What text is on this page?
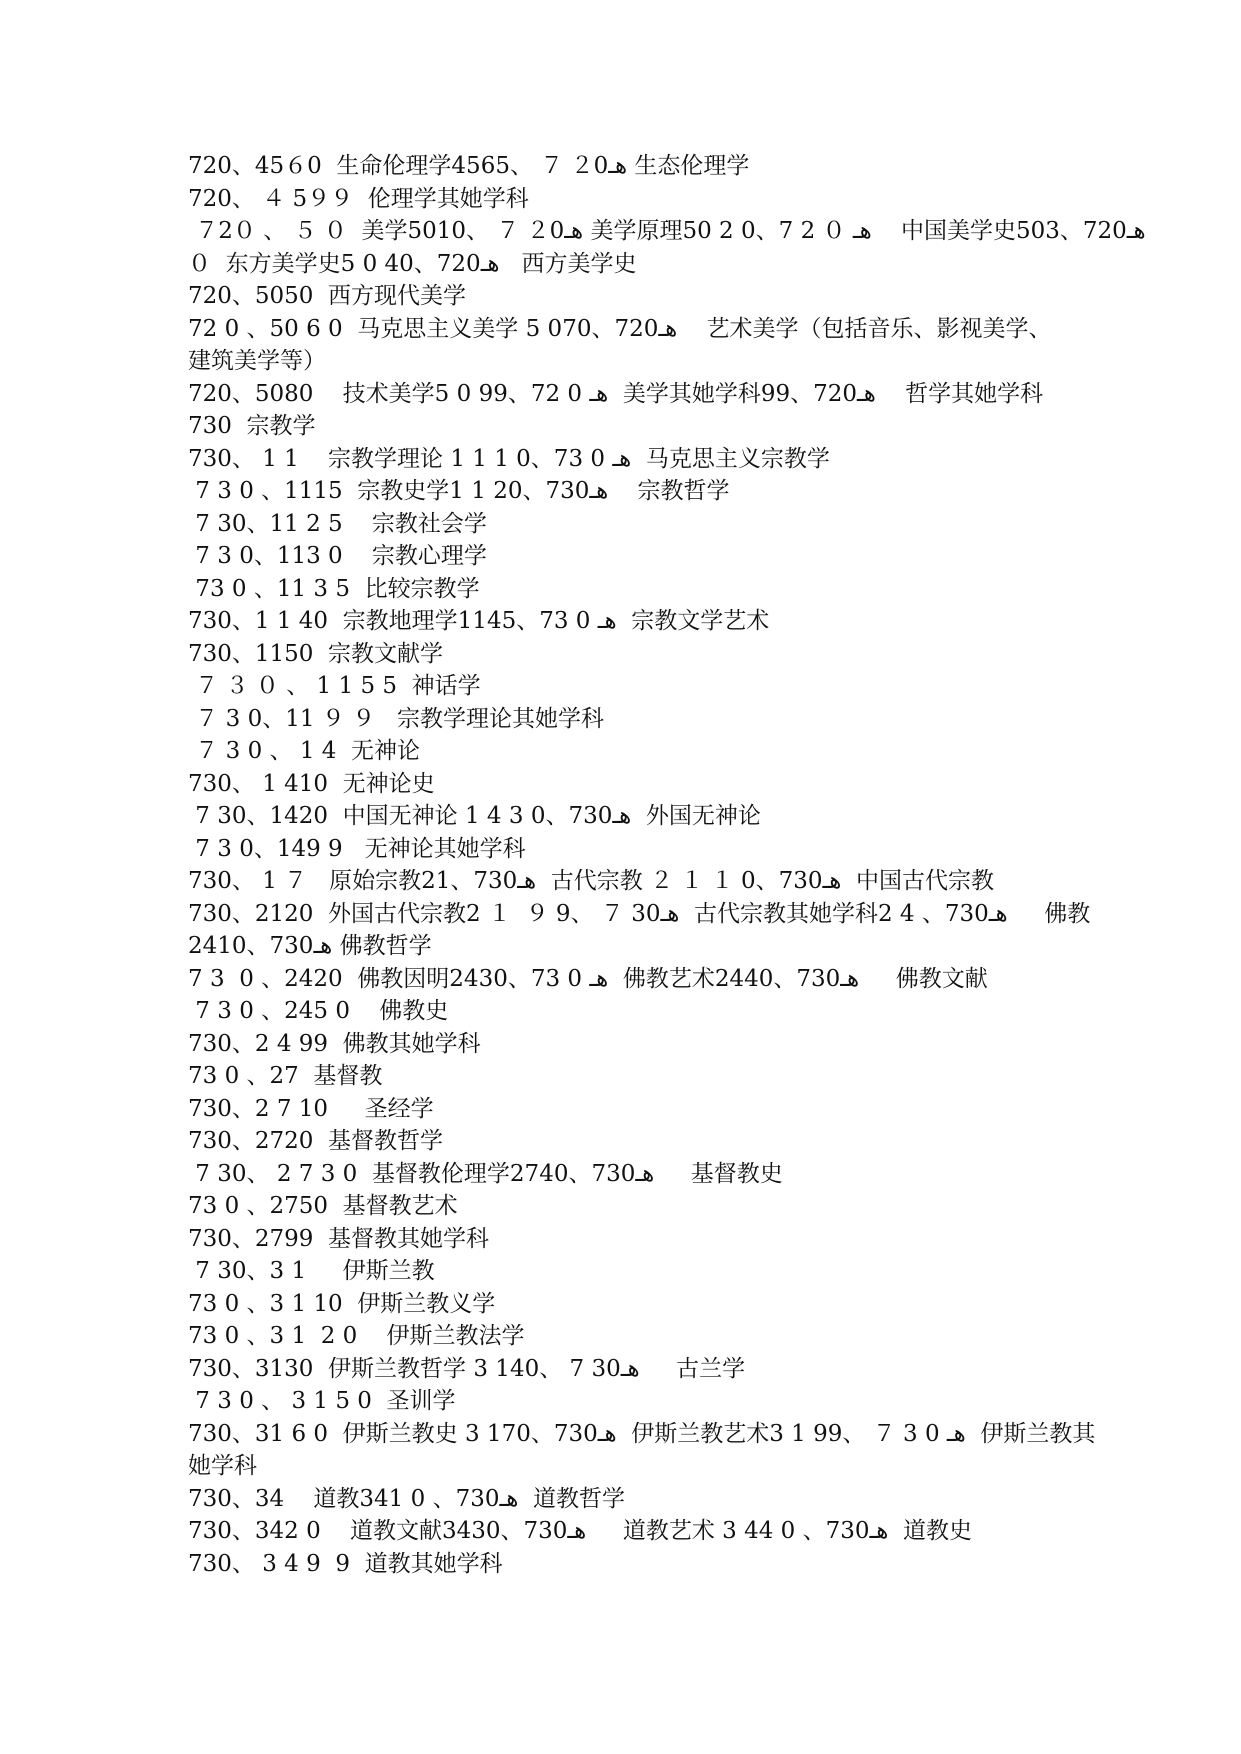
720、45６0  生命伦理学4565、 ７ ２0هـ 生态伦理学

720、 ４ 5９９  伦理学其她学科

７2０ 、 ５ ０  美学5010、 ７ ２0هـ 美学原理50 2 0、7 2 ０ هـ    中国美学史503、720هـ

０  东方美学史5 0 40、720هـ   西方美学史

720、5050  西方现代美学

72 0 、50 6 0  马克思主义美学 5 070、720هـ    艺术美学（包括音乐、影视美学、

建筑美学等）

720、5080    技术美学5 0 99、72 0 هـ  美学其她学科99、720هـ    哲学其她学科

730  宗教学

730、 1 1    宗教学理论 1 1 1 0、73 0 هـ  马克思主义宗教学

7 3 0 、1115  宗教史学1 1 20、730هـ    宗教哲学

7 30、11 2 5    宗教社会学

7 3 0、113 0    宗教心理学

73 0 、11 3 5  比较宗教学

730、1 1 40  宗教地理学1145、73 0 هـ  宗教文学艺术

730、1150  宗教文献学

７ ３ ０ 、 1 1 5 5  神话学

７ 3 0、11 ９ ９   宗教学理论其她学科

７ 3 0 、 1 4  无神论

730、 1 410  无神论史

7 30、1420  中国无神论 1 4 3 0、730هـ  外国无神论

7 3 0、149 9   无神论其她学科

730、 1 ７   原始宗教21、730هـ  古代宗教 ２ １ １ 0、730هـ  中国古代宗教

730、2120  外国古代宗教2 １  ９ 9、 ７ 30هـ  古代宗教其她学科2 4 、730هـ     佛教

2410、730هـ 佛教哲学

7 3  0 、2420  佛教因明2430、73 0 هـ  佛教艺术2440、730هـ     佛教文献

7 3 0 、245 0    佛教史

730、2 4 99  佛教其她学科

73 0 、27  基督教

730、2 7 10     圣经学

730、2720  基督教哲学

7 30、 2 7 3 0  基督教伦理学2740、730هـ     基督教史

73 0 、2750  基督教艺术

730、2799  基督教其她学科

7 30、3 1     伊斯兰教

73 0 、3 1 10  伊斯兰教义学

73 0 、3 1  2 0    伊斯兰教法学

730、3130  伊斯兰教哲学 3 140、 7 30هـ     古兰学

7 3 0 、 3 1 5 0  圣训学

730、31 6 0  伊斯兰教史 3 170、730هـ  伊斯兰教艺术3 1 99、 ７ 3 0 هـ  伊斯兰教其

她学科

730、34    道教341 0 、730هـ  道教哲学

730、342 0    道教文献3430、730هـ     道教艺术 3 44 0 、730هـ  道教史

730、 3 4 9  9  道教其她学科
